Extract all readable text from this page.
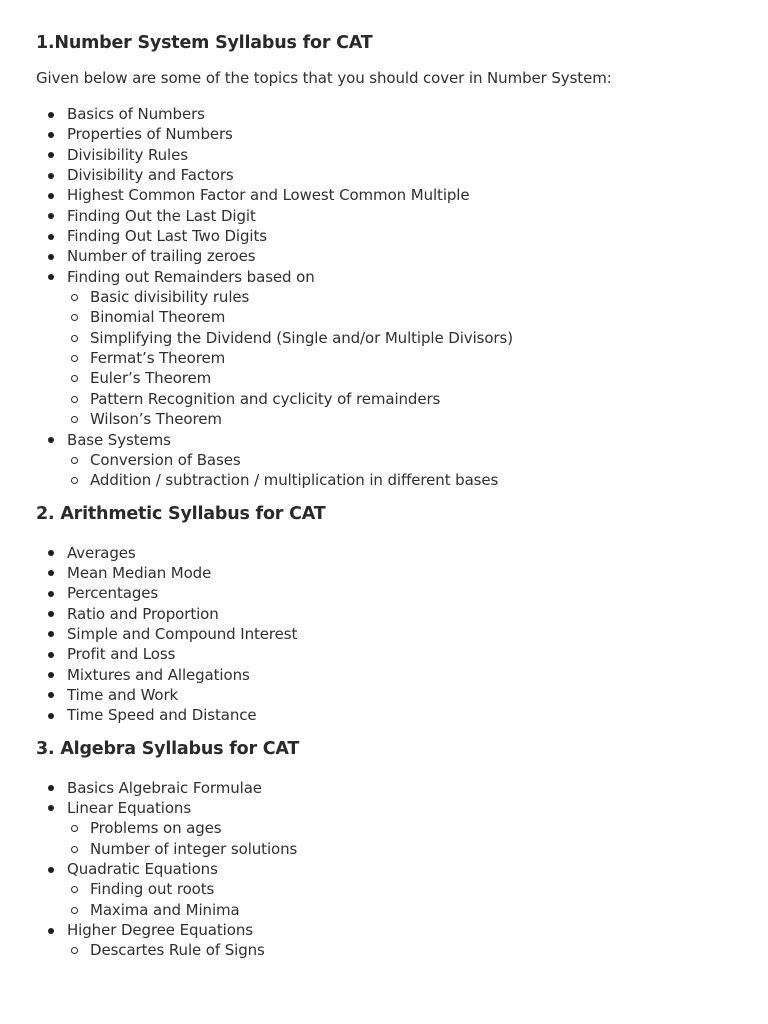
1.Number System Syllabus for CAT

Given below are some of the topics that you should cover in Number System:

Basics of Numbers
Properties of Numbers
Divisibility Rules
Divisibility and Factors
Highest Common Factor and Lowest Common Multiple
Finding Out the Last Digit
Finding Out Last Two Digits
Number of trailing zeroes
Finding out Remainders based on
Basic divisibility rules
Binomial Theorem
Simplifying the Dividend (Single and/or Multiple Divisors)
Fermat’s Theorem
Euler’s Theorem
Pattern Recognition and cyclicity of remainders
Wilson’s Theorem
Base Systems
Conversion of Bases
Addition / subtraction / multiplication in different bases
2. Arithmetic Syllabus for CAT
Averages
Mean Median Mode
Percentages
Ratio and Proportion
Simple and Compound Interest
Profit and Loss
Mixtures and Allegations
Time and Work
Time Speed and Distance
3. Algebra Syllabus for CAT
Basics Algebraic Formulae
Linear Equations
Problems on ages
Number of integer solutions
Quadratic Equations
Finding out roots
Maxima and Minima
Higher Degree Equations
Descartes Rule of Signs
